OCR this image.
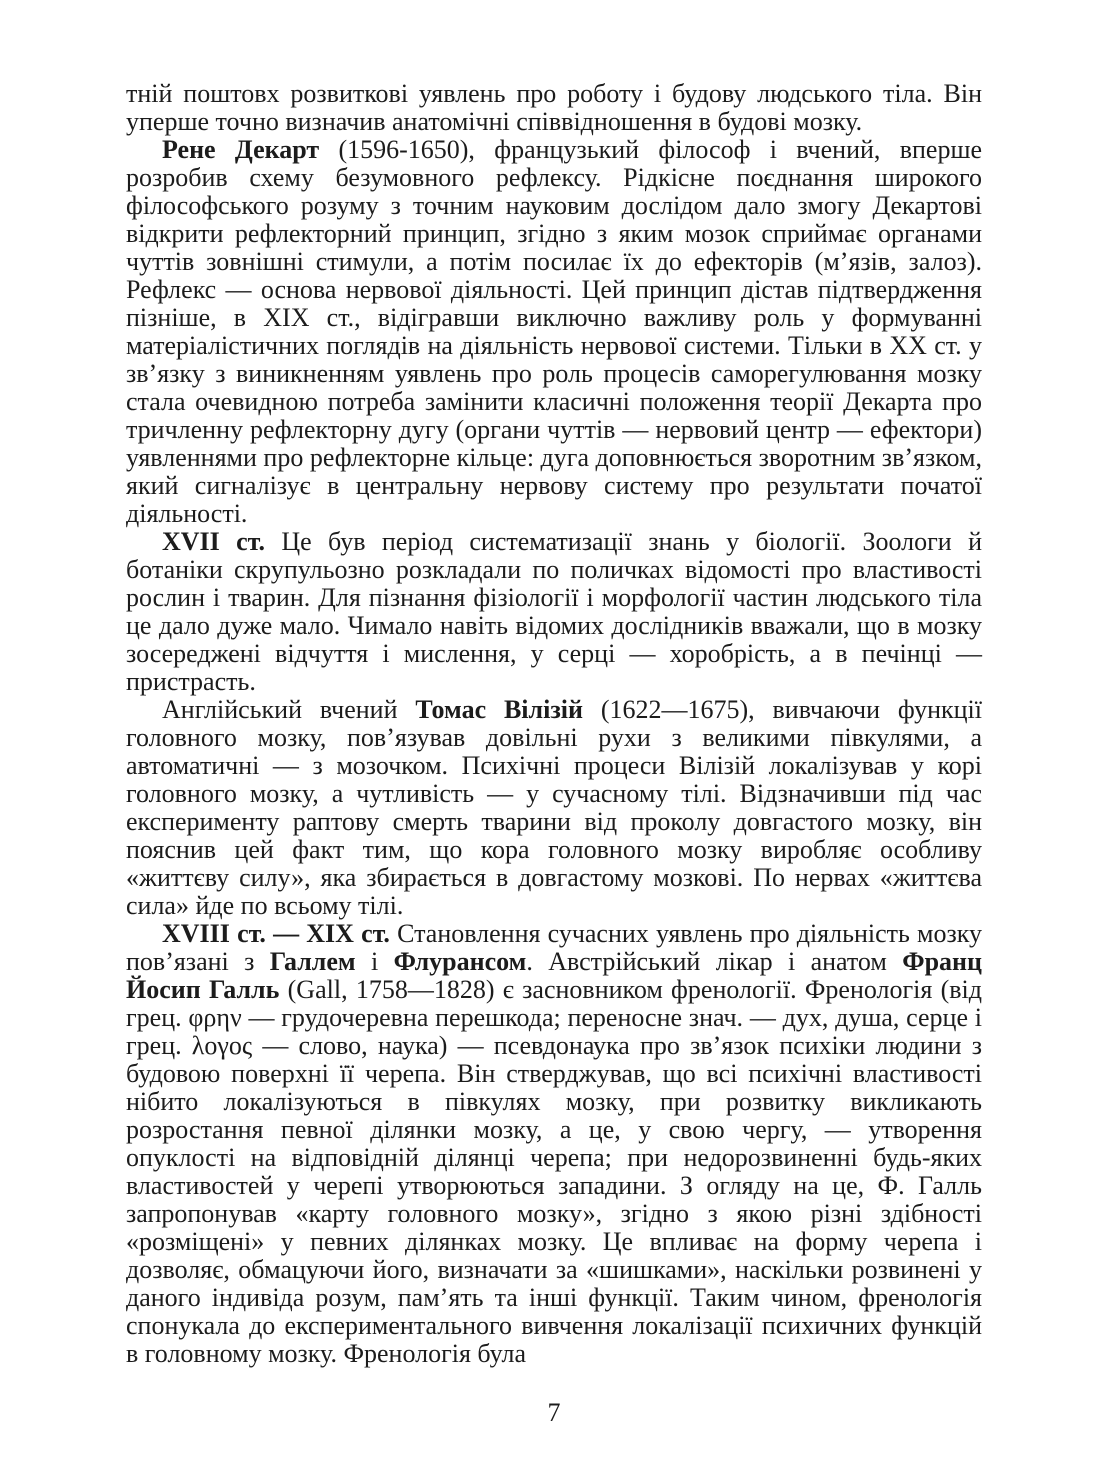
тній поштовх розвиткові уявлень про роботу і будову людського тіла. Він уперше точно визначив анатомічні співвідношення в будові мозку.

Рене Декарт (1596-1650), французький філософ і вчений, вперше розробив схему безумовного рефлексу. Рідкісне поєднання широкого філософського розуму з точним науковим дослідом дало змогу Декартові відкрити рефлекторний принцип, згідно з яким мозок сприймає органами чуттів зовнішні стимули, а потім посилає їх до ефекторів (м’язів, залоз). Рефлекс — основа нервової діяльності. Цей принцип дістав підтвердження пізніше, в XIX ст., відігравши виключно важливу роль у формуванні матеріалістичних поглядів на діяльність нервової системи. Тільки в XX ст. у зв’язку з виникненням уявлень про роль процесів саморегулювання мозку стала очевидною потреба замінити класичні положення теорії Декарта про тричленну рефлекторну дугу (органи чуттів — нервовий центр — ефектори) уявленнями про рефлекторне кільце: дуга доповнюється зворотним зв’язком, який сигналізує в центральну нервову систему про результати початої діяльності.

XVII ст. Це був період систематизації знань у біології. Зоологи й ботаніки скрупульозно розкладали по поличках відомості про властивості рослин і тварин. Для пізнання фізіології і морфології частин людського тіла це дало дуже мало. Чимало навіть відомих дослідників вважали, що в мозку зосереджені відчуття і мислення, у серці — хоробрість, а в печінці — пристрасть.

Англійський вчений Томас Вілізій (1622—1675), вивчаючи функції головного мозку, пов’язував довільні рухи з великими півкулями, а автоматичні — з мозочком. Психічні процеси Вілізій локалізував у корі головного мозку, а чутливість — у сучасному тілі. Відзначивши під час експерименту раптову смерть тварини від проколу довгастого мозку, він пояснив цей факт тим, що кора головного мозку виробляє особливу «життєву силу», яка збирається в довгастому мозкові. По нервах «життєва сила» йде по всьому тілі.

XVIII ст. — XIX ст. Становлення сучасних уявлень про діяльність мозку пов’язані з Галлем і Флурансом. Австрійський лікар і анатом Франц Йосип Галль (Gall, 1758—1828) є засновником френології. Френологія (від грец. φρην — грудочеревна перешкода; переносне знач. — дух, душа, серце і грец. λογος — слово, наука) — псевдонаука про зв’язок психіки людини з будовою поверхні її черепа. Він стверджував, що всі психічні властивості нібито локалізуються в півкулях мозку, при розвитку викликають розростання певної ділянки мозку, а це, у свою чергу, — утворення опуклості на відповідній ділянці черепа; при недорозвиненні будь-яких властивостей у черепі утворюються западини. З огляду на це, Ф. Галль запропонував «карту головного мозку», згідно з якою різні здібності «розміщені» у певних ділянках мозку. Це впливає на форму черепа і дозволяє, обмацуючи його, визначати за «шишками», наскільки розвинені у даного індивіда розум, пам’ять та інші функції. Таким чином, френологія спонукала до експериментального вивчення локалізації психичних функцій в головному мозку. Френологія була

7
